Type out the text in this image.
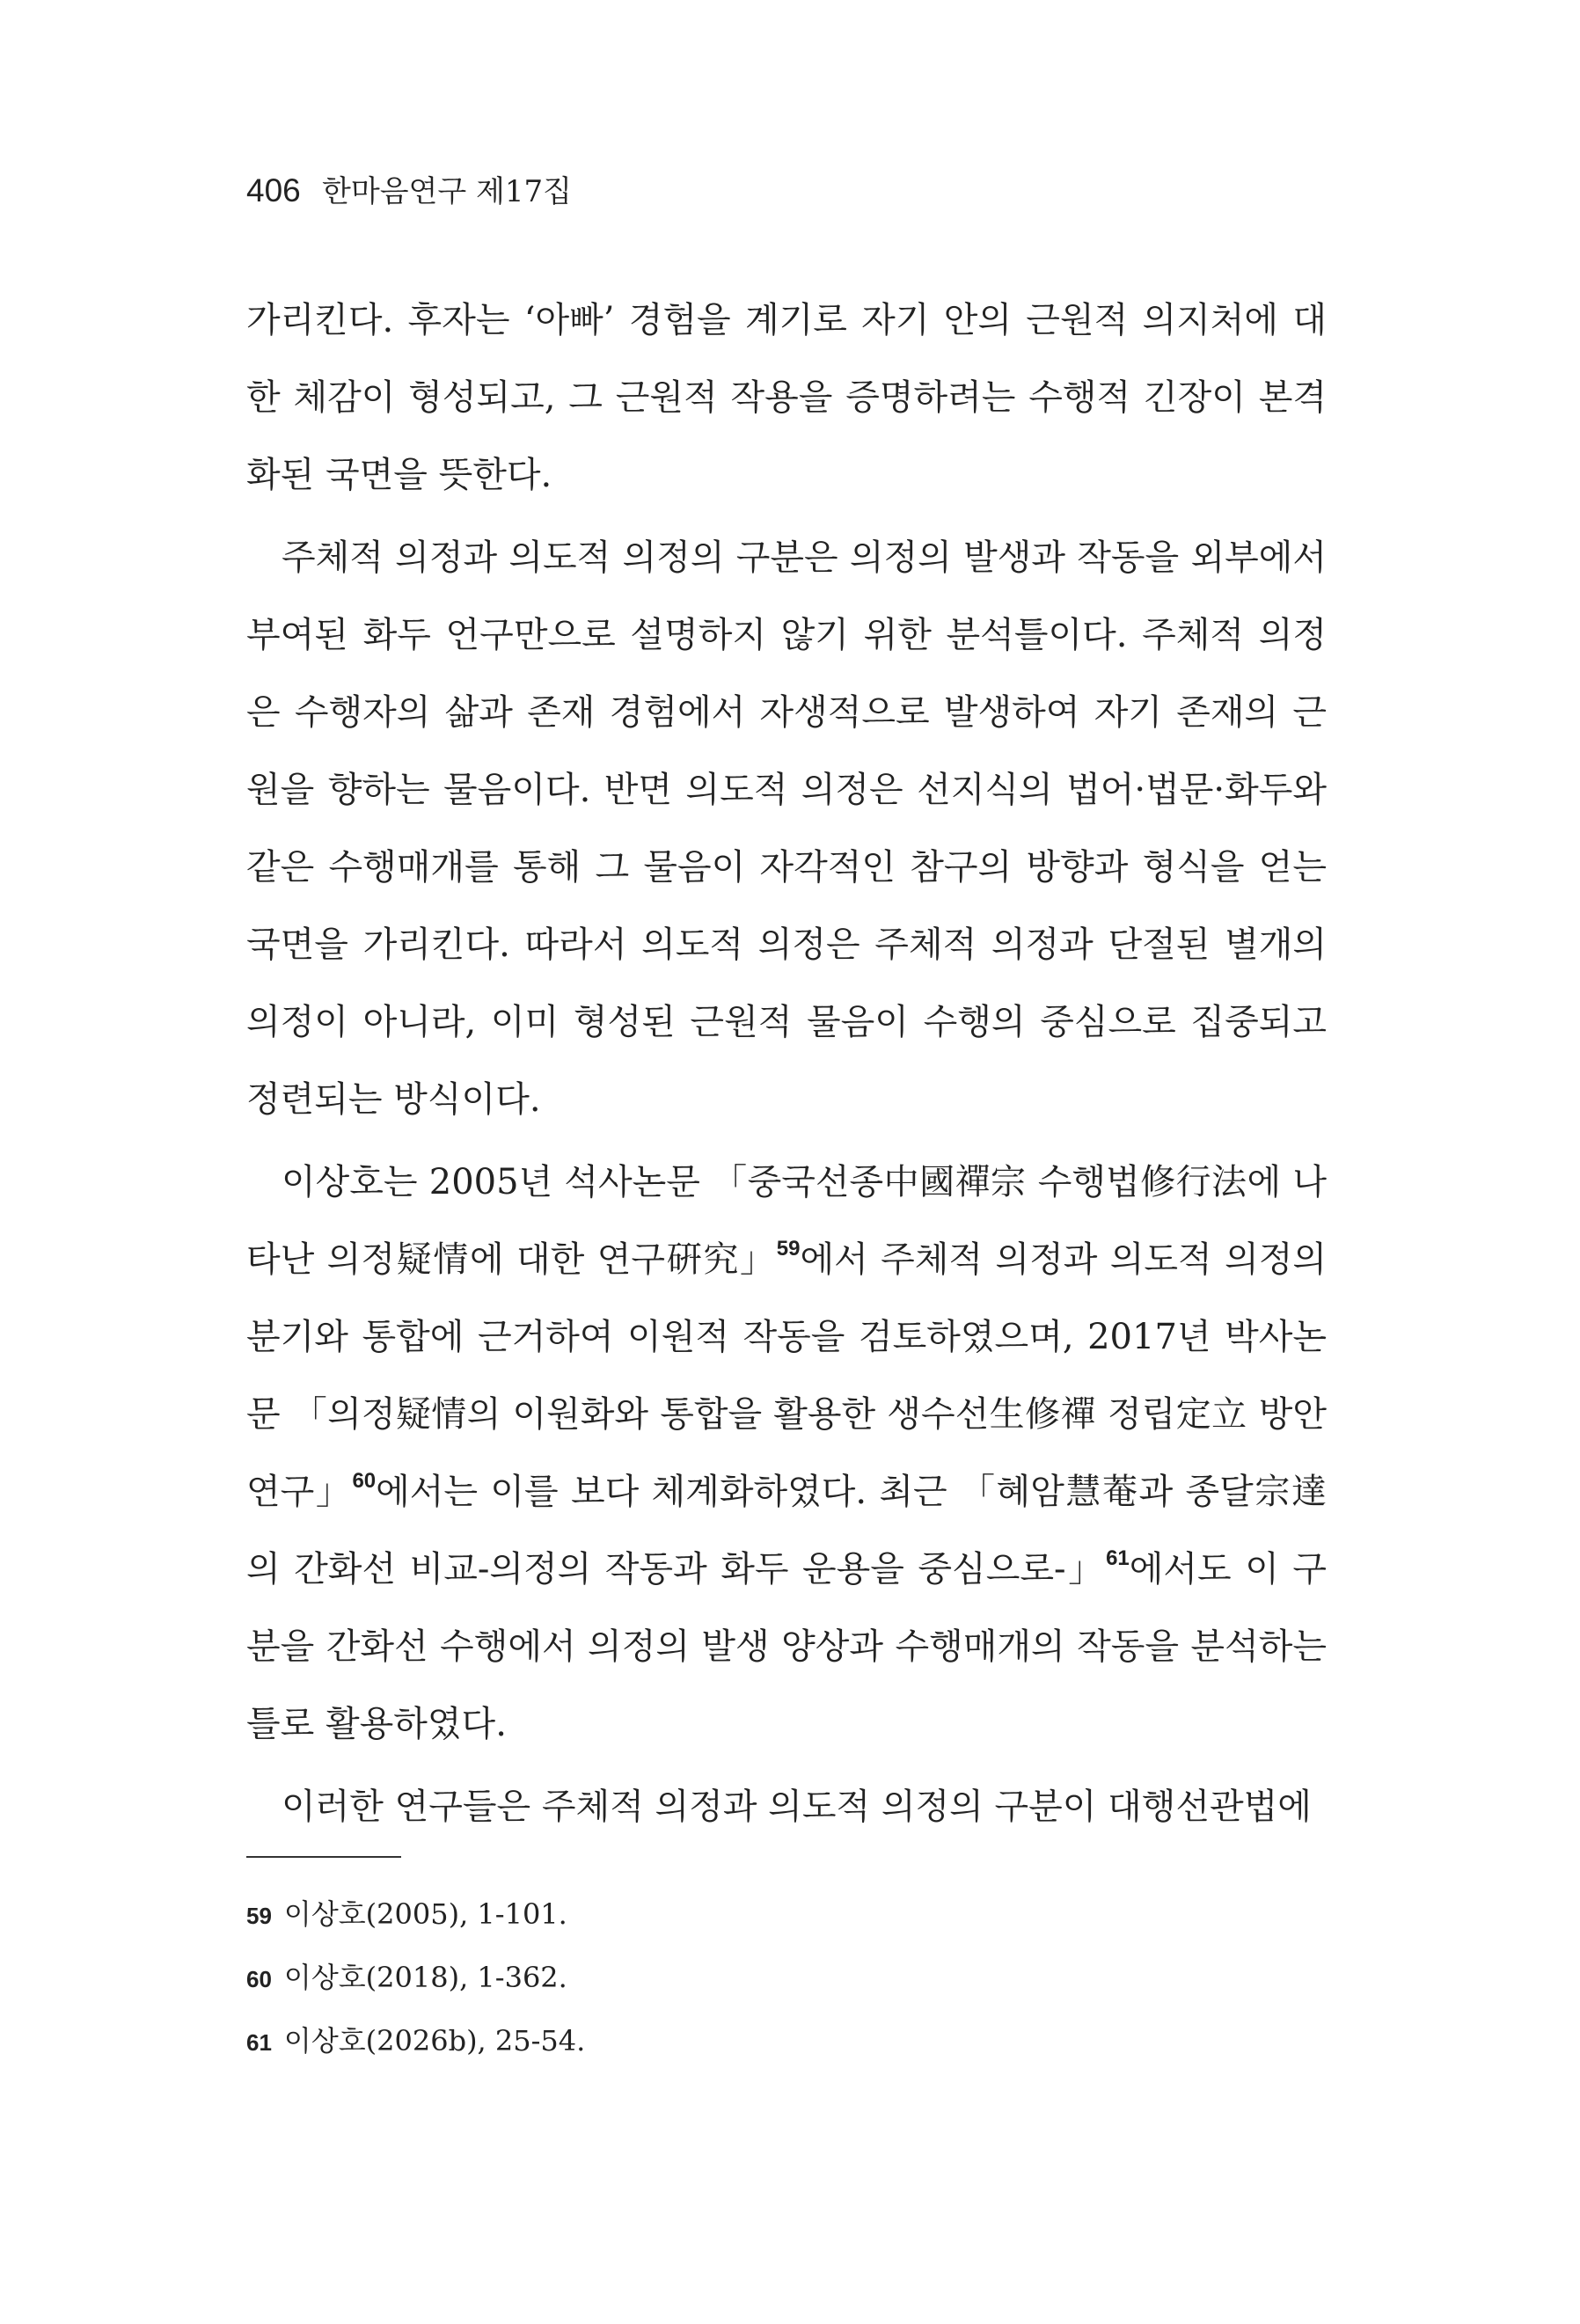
406 한마음연구 제17집

가리킨다. 후자는 ‘아빠’ 경험을 계기로 자기 안의 근원적 의지처에 대한 체감이 형성되고, 그 근원적 작용을 증명하려는 수행적 긴장이 본격화된 국면을 뜻한다.

주체적 의정과 의도적 의정의 구분은 의정의 발생과 작동을 외부에서 부여된 화두 언구만으로 설명하지 않기 위한 분석틀이다. 주체적 의정은 수행자의 삶과 존재 경험에서 자생적으로 발생하여 자기 존재의 근원을 향하는 물음이다. 반면 의도적 의정은 선지식의 법어·법문·화두와 같은 수행매개를 통해 그 물음이 자각적인 참구의 방향과 형식을 얻는 국면을 가리킨다. 따라서 의도적 의정은 주체적 의정과 단절된 별개의 의정이 아니라, 이미 형성된 근원적 물음이 수행의 중심으로 집중되고 정련되는 방식이다.

이상호는 2005년 석사논문 「중국선종中國禪宗 수행법修行法에 나타난 의정疑情에 대한 연구硏究」$^{59}$에서 주체적 의정과 의도적 의정의 분기와 통합에 근거하여 이원적 작동을 검토하였으며, 2017년 박사논문 「의정疑情의 이원화와 통합을 활용한 생수선生修禪 정립定立 방안 연구」$^{60}$에서는 이를 보다 체계화하였다. 최근 「혜암慧菴과 종달宗達의 간화선 비교-의정의 작동과 화두 운용을 중심으로-」$^{61}$에서도 이 구분을 간화선 수행에서 의정의 발생 양상과 수행매개의 작동을 분석하는 틀로 활용하였다.

이러한 연구들은 주체적 의정과 의도적 의정의 구분이 대행선관법에

59 이상호(2005), 1-101.
60 이상호(2018), 1-362.
61 이상호(2026b), 25-54.
